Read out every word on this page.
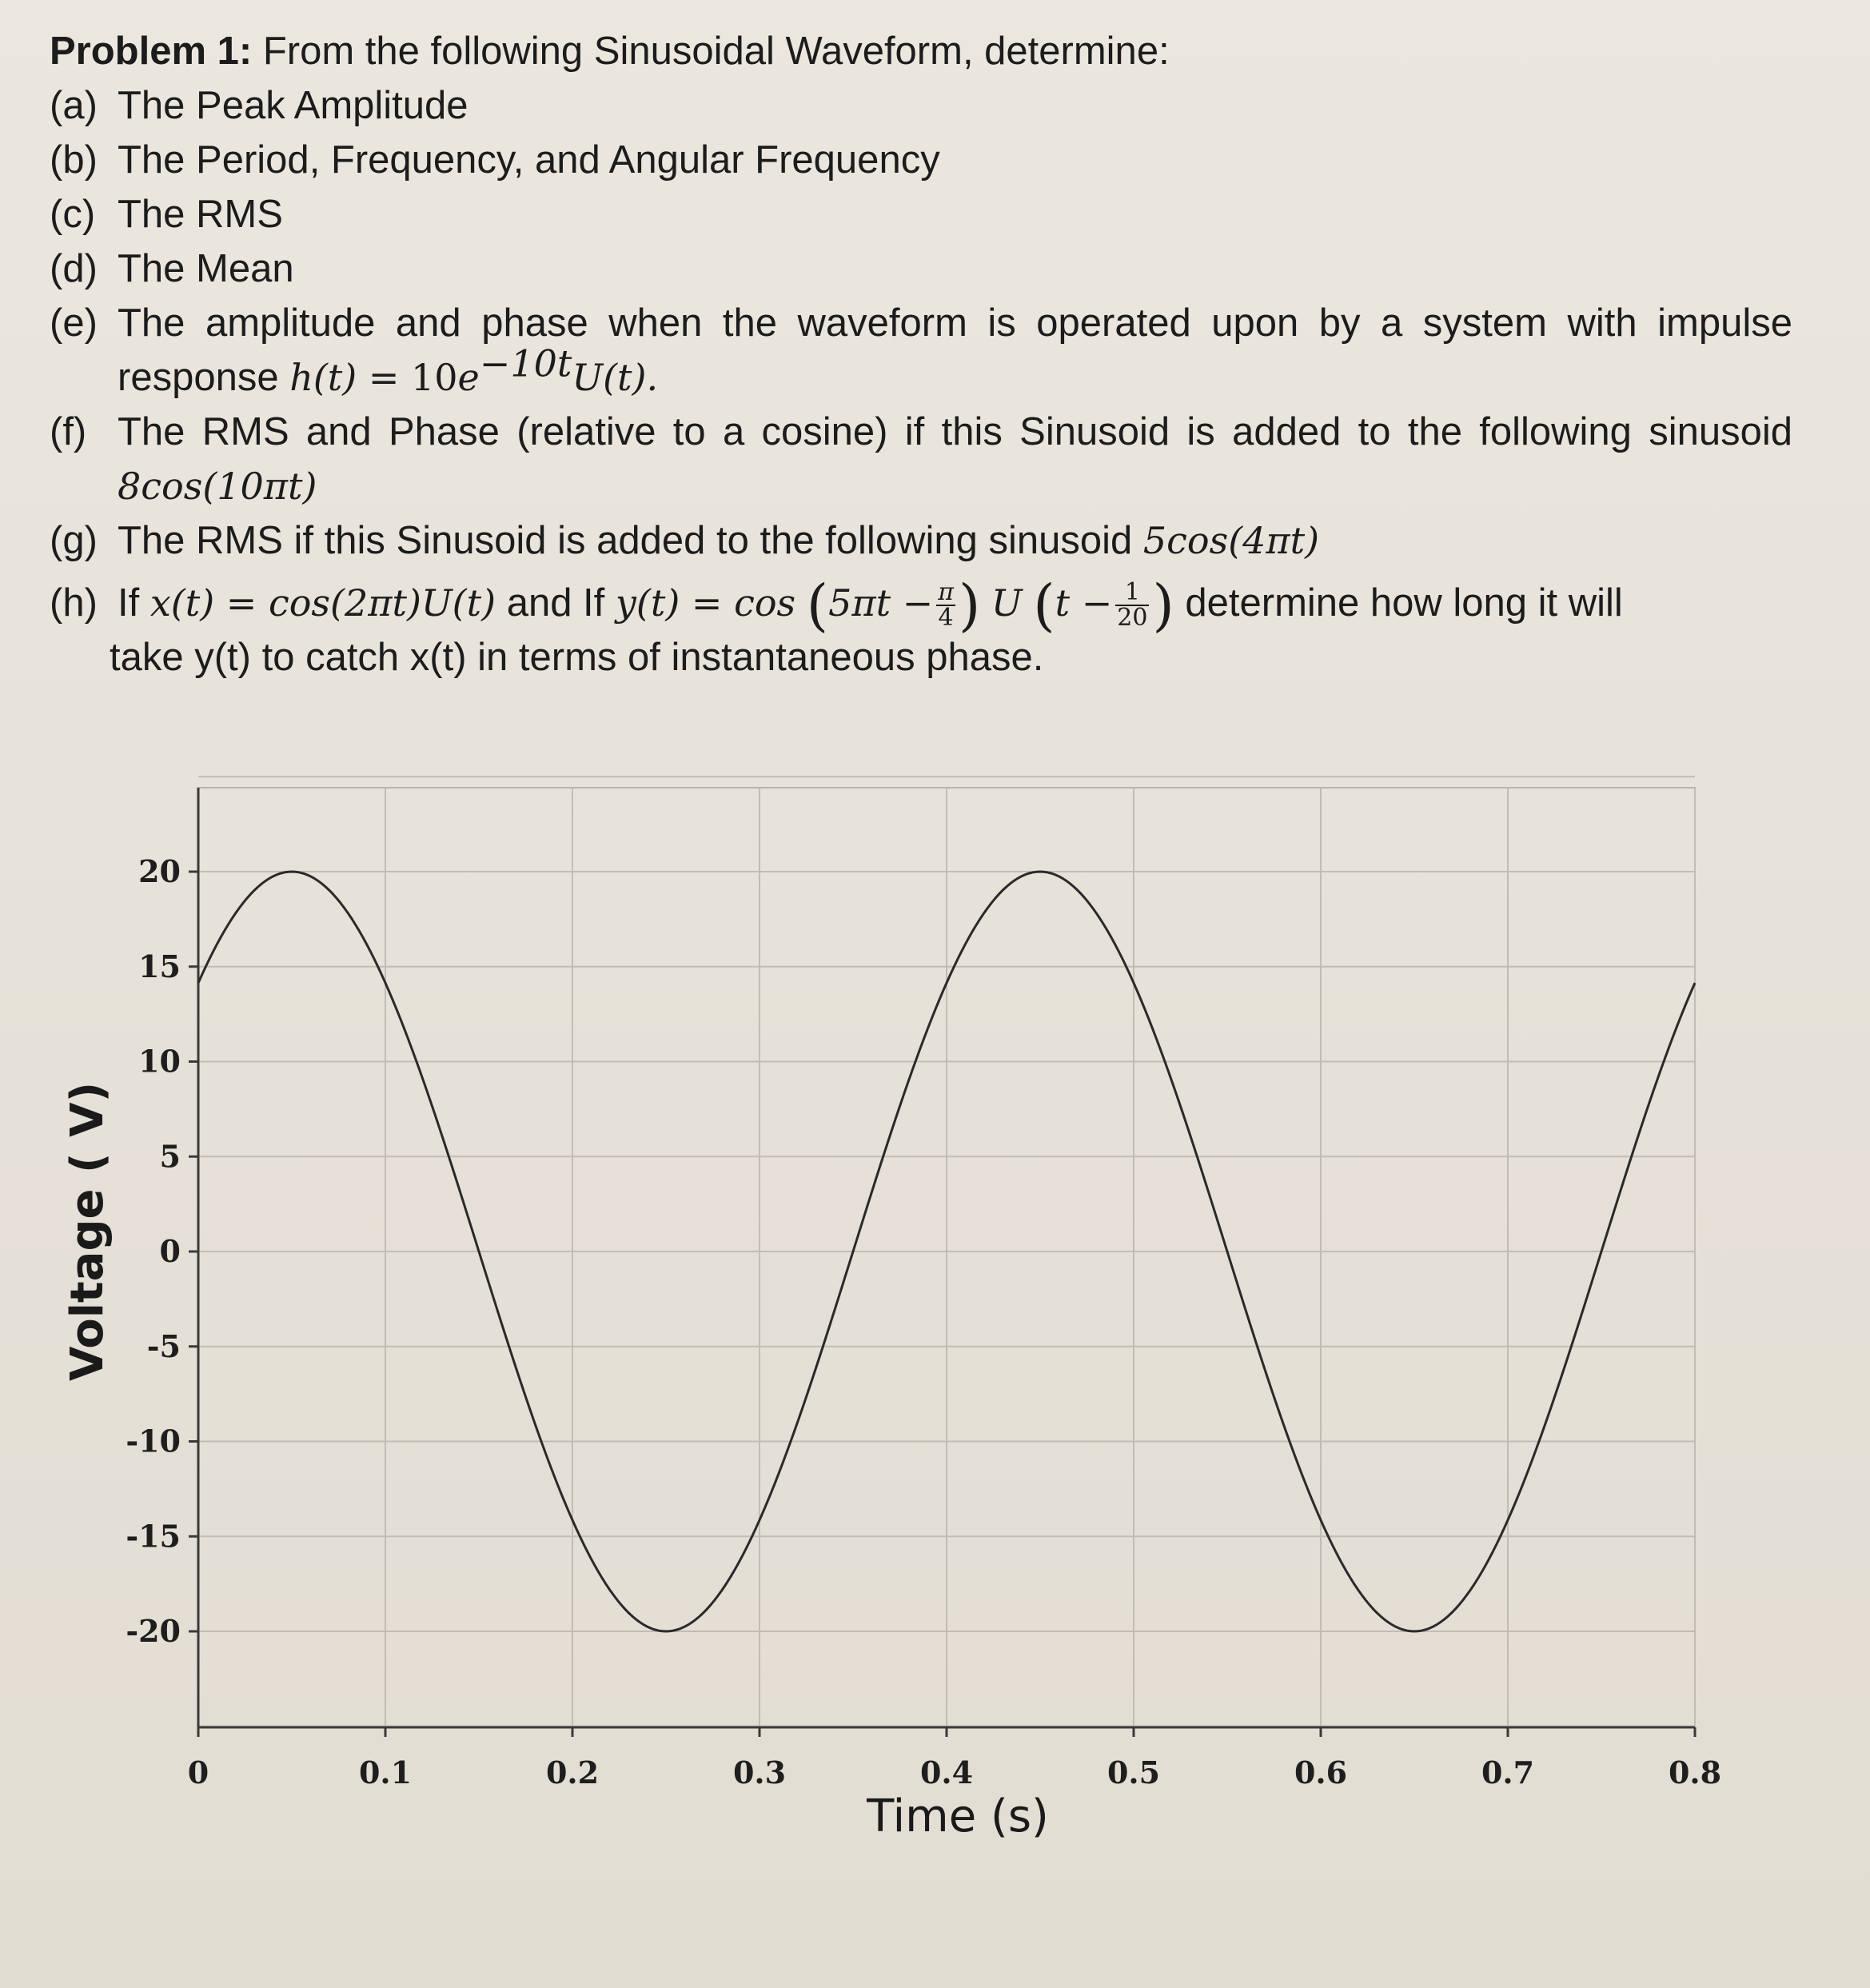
Problem 1: From the following Sinusoidal Waveform, determine:
(a) The Peak Amplitude
(b) The Period, Frequency, and Angular Frequency
(c) The RMS
(d) The Mean
(e) The amplitude and phase when the waveform is operated upon by a system with impulse
response $h(t) = 10e^{-10t}U(t)$.
(f) The RMS and Phase (relative to a cosine) if this Sinusoid is added to the following sinusoid
8cos(10πt)
(g) The RMS if this Sinusoid is added to the following sinusoid 5cos(4πt)
(h) If x(t) = cos(2πt)U(t) and If $y(t) = \cos (5\pi t - \frac{\pi}{4}$ ) U ($t - \frac{1}{20}$ ) determine how long it will
take y(t) to catch x(t) in terms of instantaneous phase.
0	0.1	0.2	0.3	0.4	0.5	0.6	0.7	0.8
20
15
10
5
0
-5
-10
-15
-20
Time (s)
Voltage ( V)
